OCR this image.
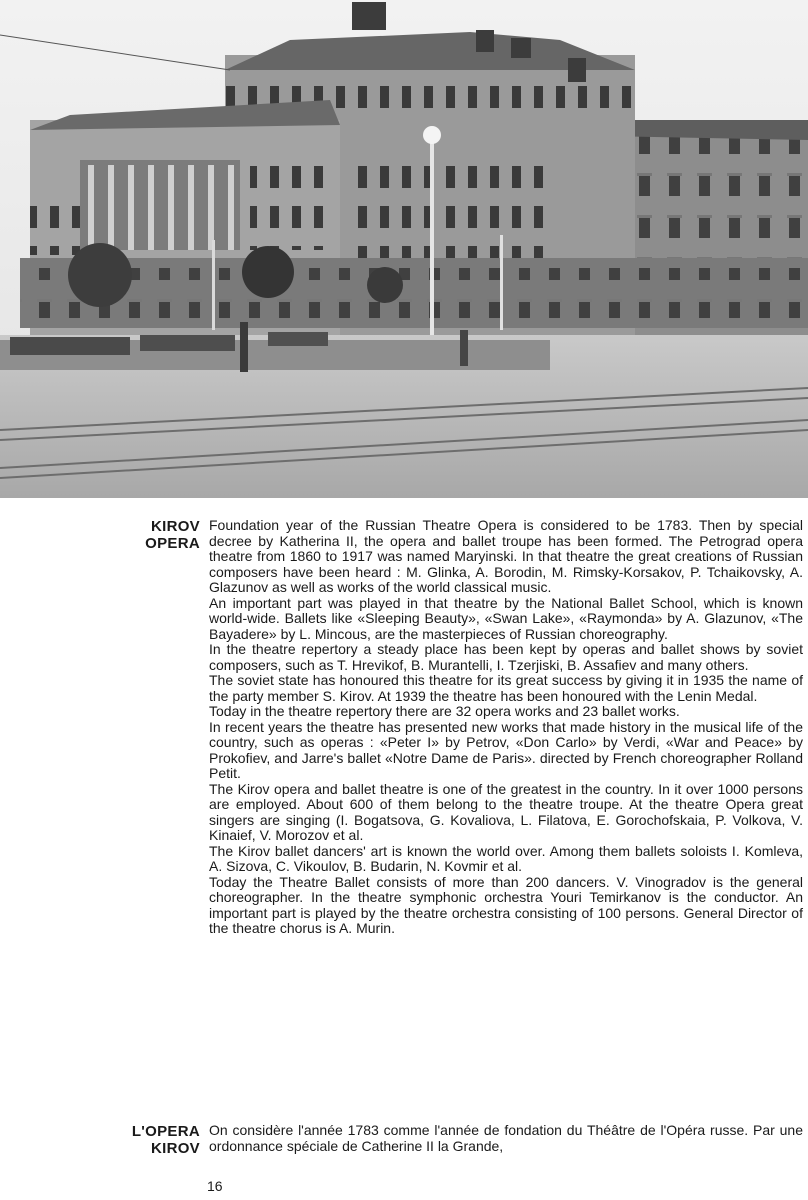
KIROV
OPERA

Foundation year of the Russian Theatre Opera is considered to be 1783. Then by special decree by Katherina II, the opera and ballet troupe has been formed. The Petrograd opera theatre from 1860 to 1917 was named Maryinski. In that theatre the great creations of Russian composers have been heard : M. Glinka, A. Borodin, M. Rimsky-Korsakov, P. Tchaikovsky, A. Glazunov as well as works of the world classical music.

An important part was played in that theatre by the National Ballet School, which is known world-wide. Ballets like «Sleeping Beauty», «Swan Lake», «Raymonda» by A. Glazunov, «The Bayadere» by L. Mincous, are the masterpieces of Russian choreography.

In the theatre repertory a steady place has been kept by operas and ballet shows by soviet composers, such as T. Hrevikof, B. Murantelli, I. Tzerjiski, B. Assafiev and many others.

The soviet state has honoured this theatre for its great success by giving it in 1935 the name of the party member S. Kirov. At 1939 the theatre has been honoured with the Lenin Medal.

Today in the theatre repertory there are 32 opera works and 23 ballet works.

In recent years the theatre has presented new works that made history in the musical life of the country, such as operas : «Peter I» by Petrov, «Don Carlo» by Verdi, «War and Peace» by Prokofiev, and Jarre's ballet «Notre Dame de Paris». directed by French choreographer Rolland Petit.

The Kirov opera and ballet theatre is one of the greatest in the country. In it over 1000 persons are employed. About 600 of them belong to the theatre troupe. At the theatre Opera great singers are singing (I. Bogatsova, G. Kovaliova, L. Filatova, E. Gorochofskaia, P. Volkova, V. Kinaief, V. Morozov et al.

The Kirov ballet dancers' art is known the world over. Among them ballets soloists I. Komleva, A. Sizova, C. Vikoulov, B. Budarin, N. Kovmir et al.

Today the Theatre Ballet consists of more than 200 dancers. V. Vinogradov is the general choreographer. In the theatre symphonic orchestra Youri Temirkanov is the conductor. An important part is played by the theatre orchestra consisting of 100 persons. General Director of the theatre chorus is A. Murin.

L'OPERA
KIROV

On considère l'année 1783 comme l'année de fondation du Théâtre de l'Opéra russe. Par une ordonnance spéciale de Catherine II la Grande,

16
